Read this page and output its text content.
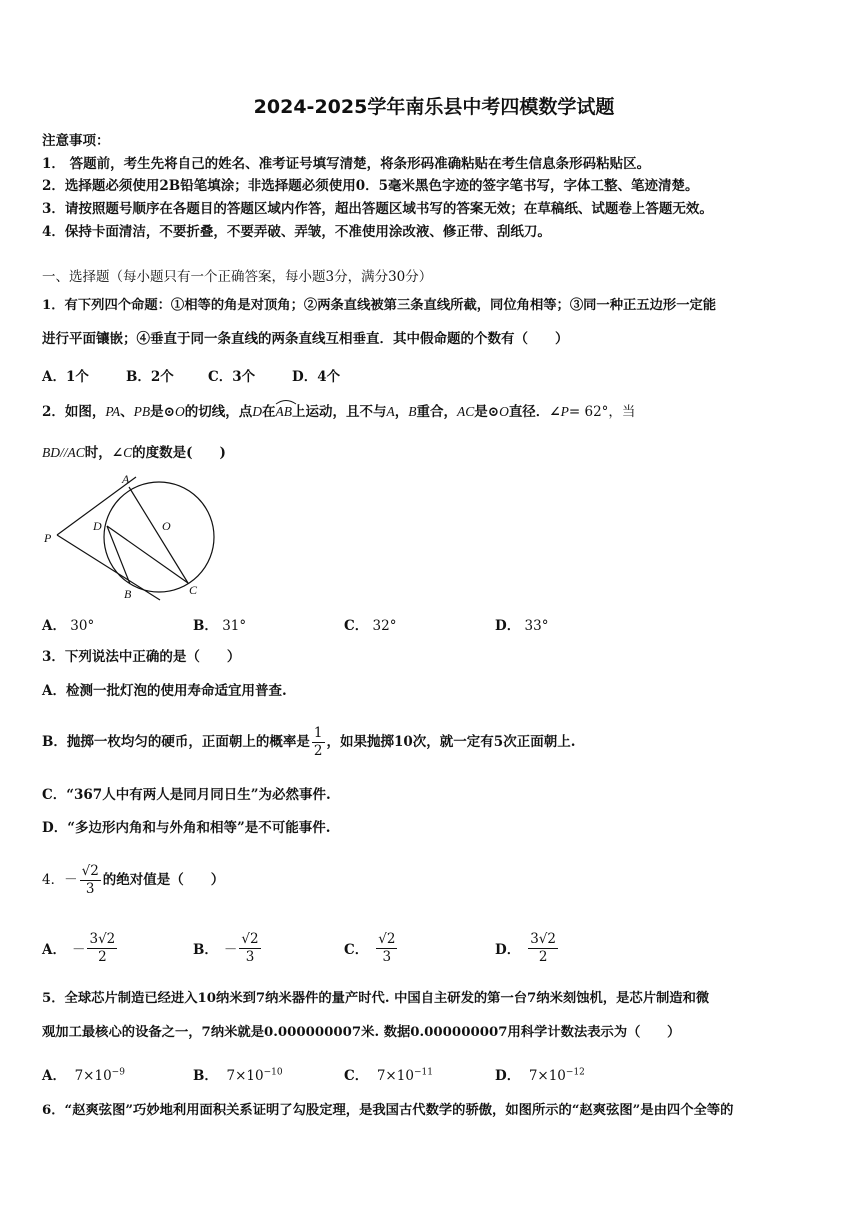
2024-2025学年南乐县中考四模数学试题
注意事项：
1． 答题前，考生先将自己的姓名、准考证号填写清楚，将条形码准确粘贴在考生信息条形码粘贴区。
2．选择题必须使用2B铅笔填涂；非选择题必须使用0．5毫米黑色字迹的签字笔书写，字体工整、笔迹清楚。
3．请按照题号顺序在各题目的答题区域内作答，超出答题区域书写的答案无效；在草稿纸、试题卷上答题无效。
4．保持卡面清洁，不要折叠，不要弄破、弄皱，不准使用涂改液、修正带、刮纸刀。
一、选择题（每小题只有一个正确答案，每小题3分，满分30分）
1．有下列四个命题：①相等的角是对顶角；②两条直线被第三条直线所截，同位角相等；③同一种正五边形一定能
进行平面镶嵌；④垂直于同一条直线的两条直线互相垂直．其中假命题的个数有（　　）
A．1个	B．2个	C．3个	D．4个
2．如图，PA、PB是⊙O的切线，点D在
AB上运动，且不与A，B重合，AC是⊙O直径．∠P= 62°，当
BD//AC时，∠C的度数是(　　)
A
B	C
D	O
P
A． 30°	B． 31°	C． 32°	D． 33°
3．下列说法中正确的是（　　）
A．检测一批灯泡的使用寿命适宜用普查.
B．抛掷一枚均匀的硬币，正面朝上的概率是 $\frac{1}{2}$ ，如果抛掷10次，就一定有5次正面朝上.
C．“367人中有两人是同月同日生”为必然事件.
D．“多边形内角和与外角和相等”是不可能事件.
4．－ $\frac{√2}{3}$ 的绝对值是（　　）
A． － $\frac{3√2}{2}$	B． － $\frac{√2}{3}$	C． $\frac{√2}{3}$	D． $\frac{3√2}{2}$
5．全球芯片制造已经进入10纳米到7纳米器件的量产时代. 中国自主研发的第一台7纳米刻蚀机，是芯片制造和微
观加工最核心的设备之一，7纳米就是0.000000007米. 数据0.000000007用科学计数法表示为（　　）
A． $7\times 10^{-9}$	B． $7\times 10^{-10}$	C． $7\times 10^{-11}$	D． $7\times 10^{-12}$
6．“赵爽弦图”巧妙地利用面积关系证明了勾股定理，是我国古代数学的骄傲，如图所示的“赵爽弦图”是由四个全等的
